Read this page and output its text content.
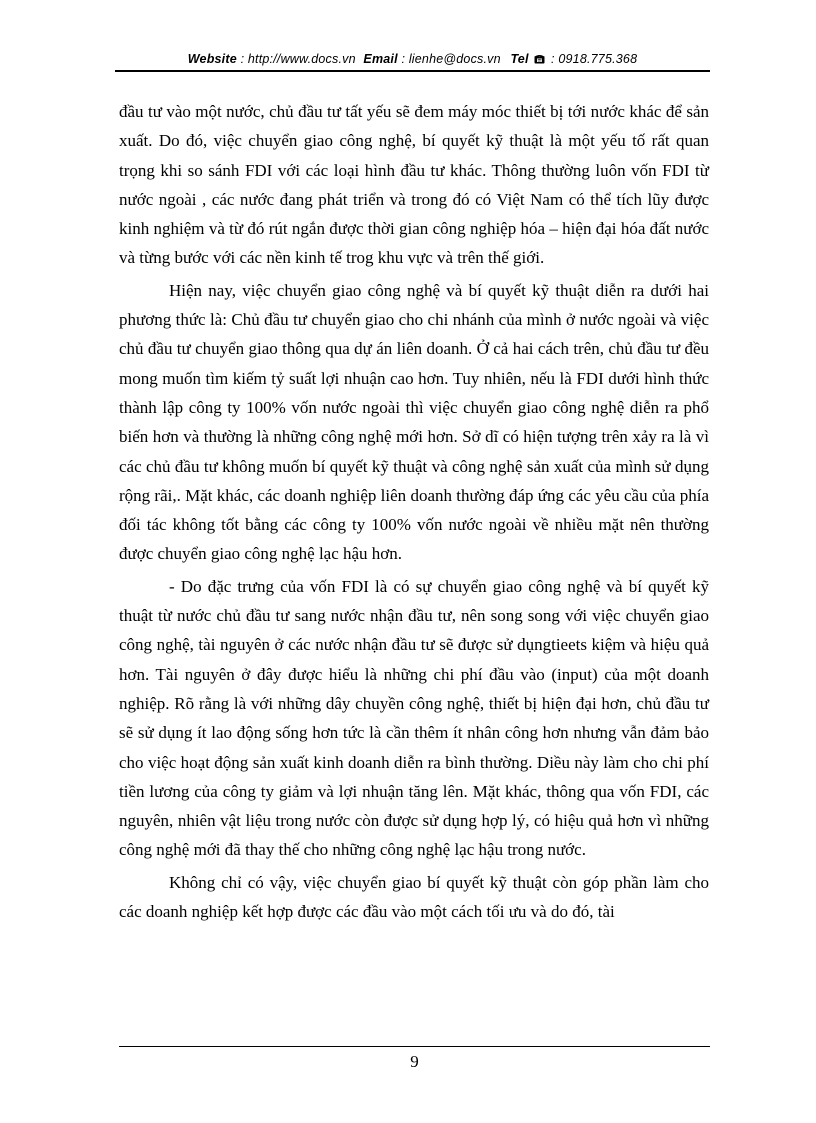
Website : http://www.docs.vn Email : lienhe@docs.vn Tel : 0918.775.368

đầu tư vào một nước, chủ đầu tư tất yếu sẽ đem máy móc thiết bị tới nước khác để sản xuất. Do đó, việc chuyển giao công nghệ, bí quyết kỹ thuật là một yếu tố rất quan trọng khi so sánh FDI với các loại hình đầu tư khác. Thông thường luôn vốn FDI từ nước ngoài , các nước đang phát triển và trong đó có Việt Nam có thể tích lũy được kinh nghiệm và từ đó rút ngắn được thời gian công nghiệp hóa – hiện đại hóa đất nước và từng bước với các nền kinh tế trog khu vực và trên thế giới.

Hiện nay, việc chuyển giao công nghệ và bí quyết kỹ thuật diễn ra dưới hai phương thức là: Chủ đầu tư chuyển giao cho chi nhánh của mình ở nước ngoài và việc chủ đầu tư chuyển giao thông qua dự án liên doanh. Ở cả hai cách trên, chủ đầu tư đều mong muốn tìm kiếm tỷ suất lợi nhuận cao hơn. Tuy nhiên, nếu là FDI dưới hình thức thành lập công ty 100% vốn nước ngoài thì việc chuyển giao công nghệ diễn ra phổ biến hơn và thường là những công nghệ mới hơn. Sở dĩ có hiện tượng trên xảy ra là vì các chủ đầu tư không muốn bí quyết kỹ thuật và công nghệ sản xuất của mình sử dụng rộng rãi,. Mặt khác, các doanh nghiệp liên doanh thường đáp ứng các yêu cầu của phía đối tác không tốt bằng các công ty 100% vốn nước ngoài về nhiều mặt nên thường được chuyển giao công nghệ lạc hậu hơn.

- Do đặc trưng của vốn FDI là có sự chuyển giao công nghệ và bí quyết kỹ thuật từ nước chủ đầu tư sang nước nhận đầu tư, nên song song với việc chuyển giao công nghệ, tài nguyên ở các nước nhận đầu tư sẽ được sử dụngtieets kiệm và hiệu quả hơn. Tài nguyên ở đây được hiểu là những chi phí đầu vào (input) của một doanh nghiệp. Rõ rằng là với những dây chuyền công nghệ, thiết bị hiện đại hơn, chủ đầu tư sẽ sử dụng ít lao động sống hơn tức là cần thêm ít nhân công hơn nhưng vẫn đảm bảo cho việc hoạt động sản xuất kinh doanh diễn ra bình thường. Diều này làm cho chi phí tiền lương của công ty giảm và lợi nhuận tăng lên. Mặt khác, thông qua vốn FDI, các nguyên, nhiên vật liệu trong nước còn được sử dụng hợp lý, có hiệu quả hơn vì những công nghệ mới đã thay thế cho những công nghệ lạc hậu trong nước.

Không chỉ có vậy, việc chuyển giao bí quyết kỹ thuật còn góp phần làm cho các doanh nghiệp kết hợp được các đầu vào một cách tối ưu và do đó, tài

9
